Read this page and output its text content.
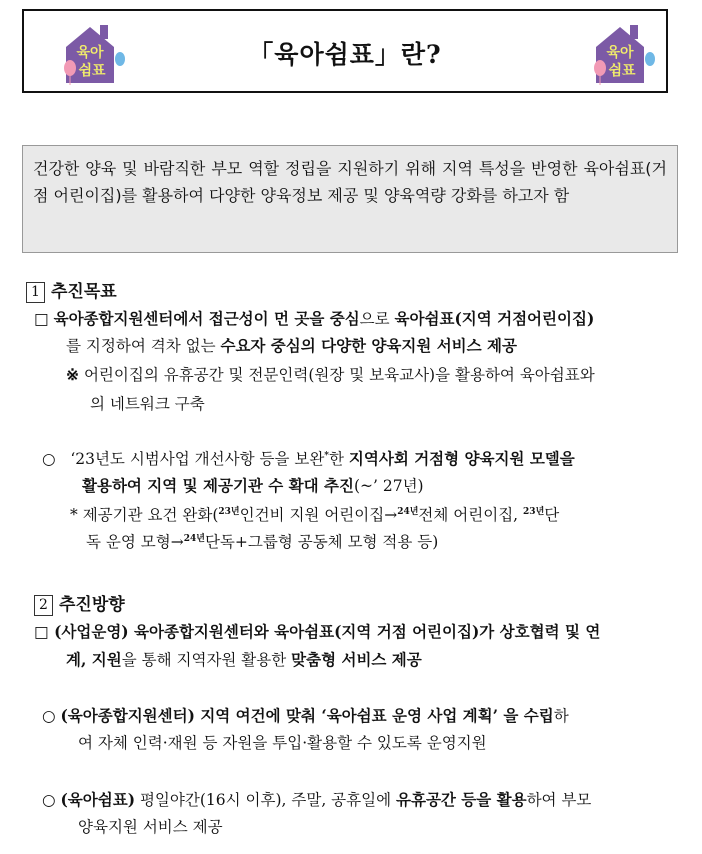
육아
쉼표
육아
쉼표
「육아쉼표」란?
건강한 양육 및 바람직한 부모 역할 정립을 지원하기 위해 지역 특성을 반영한 육아쉼표(거점 어린이집)를 활용하여 다양한 양육정보 제공 및 양육역량 강화를 하고자 함
1 추진목표
□ 육아종합지원센터에서 접근성이 먼 곳을 중심으로 육아쉼표(지역 거점어린이집)
를 지정하여 격차 없는 수요자 중심의 다양한 양육지원 서비스 제공
※ 어린이집의 유휴공간 및 전문인력(원장 및 보육교사)을 활용하여 육아쉼표와
의 네트워크 구축
○ ‘23년도 시범사업 개선사항 등을 보완*한 지역사회 거점형 양육지원 모델을
활용하여 지역 및 제공기관 수 확대 추진(~’ 27년)
* 제공기관 요건 완화($^{23년}$인건비 지원 어린이집→$^{24년}$전체 어린이집, $^{23년}$단
독 운영 모형→$^{24년}$단독+그룹형 공동체 모형 적용 등)
2 추진방향
□ (사업운영) 육아종합지원센터와 육아쉼표(지역 거점 어린이집)가 상호협력 및 연
계, 지원을 통해 지역자원 활용한 맞춤형 서비스 제공
○ (육아종합지원센터) 지역 여건에 맞춰 ‘육아쉼표 운영 사업 계획’ 을 수립하
여 자체 인력·재원 등 자원을 투입·활용할 수 있도록 운영지원
○ (육아쉼표) 평일야간(16시 이후), 주말, 공휴일에 유휴공간 등을 활용하여 부모
양육지원 서비스 제공
